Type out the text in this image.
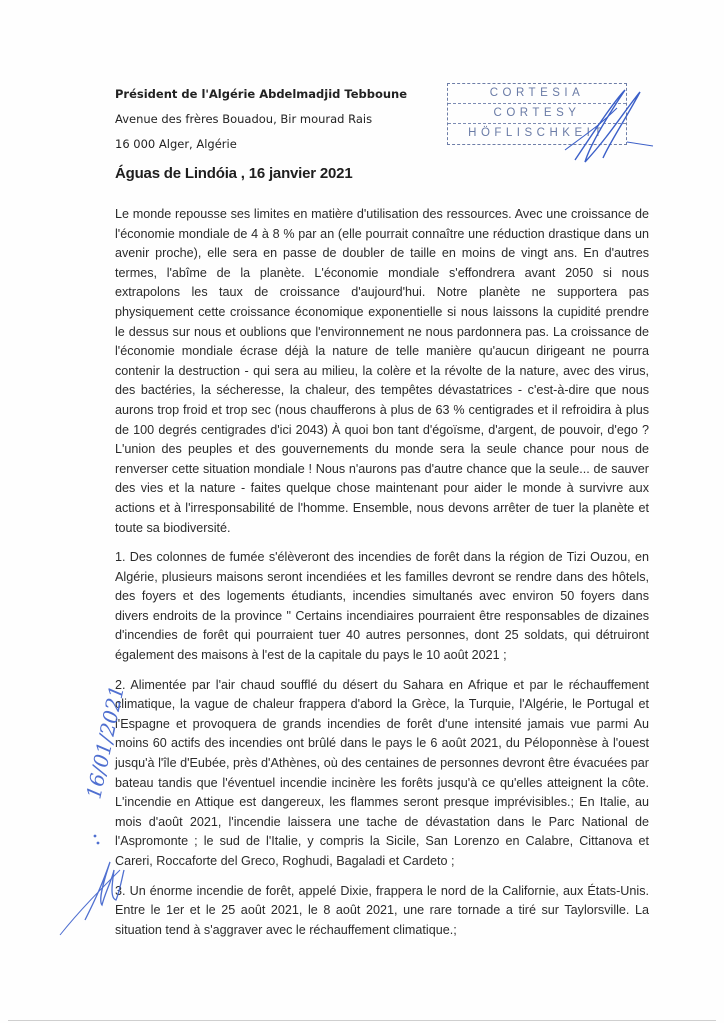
Président de l'Algérie Abdelmadjid Tebboune
Avenue des frères Bouadou, Bir mourad Rais
16 000 Alger, Algérie
Águas de Lindóia , 16 janvier 2021
CORTESIA
CORTESY
HÖFLISCHKEIT

Le monde repousse ses limites en matière d'utilisation des ressources. Avec une croissance de l'économie mondiale de 4 à 8 % par an (elle pourrait connaître une réduction drastique dans un avenir proche), elle sera en passe de doubler de taille en moins de vingt ans. En d'autres termes, l'abîme de la planète. L'économie mondiale s'effondrera avant 2050 si nous extrapolons les taux de croissance d'aujourd'hui. Notre planète ne supportera pas physiquement cette croissance économique exponentielle si nous laissons la cupidité prendre le dessus sur nous et oublions que l'environnement ne nous pardonnera pas. La croissance de l'économie mondiale écrase déjà la nature de telle manière qu'aucun dirigeant ne pourra contenir la destruction - qui sera au milieu, la colère et la révolte de la nature, avec des virus, des bactéries, la sécheresse, la chaleur, des tempêtes dévastatrices - c'est-à-dire que nous aurons trop froid et trop sec (nous chaufferons à plus de 63 % centigrades et il refroidira à plus de 100 degrés centigrades d'ici 2043) À quoi bon tant d'égoïsme, d'argent, de pouvoir, d'ego ? L'union des peuples et des gouvernements du monde sera la seule chance pour nous de renverser cette situation mondiale ! Nous n'aurons pas d'autre chance que la seule... de sauver des vies et la nature - faites quelque chose maintenant pour aider le monde à survivre aux actions et à l'irresponsabilité de l'homme. Ensemble, nous devons arrêter de tuer la planète et toute sa biodiversité.

1. Des colonnes de fumée s'élèveront des incendies de forêt dans la région de Tizi Ouzou, en Algérie, plusieurs maisons seront incendiées et les familles devront se rendre dans des hôtels, des foyers et des logements étudiants, incendies simultanés avec environ 50 foyers dans divers endroits de la province " Certains incendiaires pourraient être responsables de dizaines d'incendies de forêt qui pourraient tuer 40 autres personnes, dont 25 soldats, qui détruiront également des maisons à l'est de la capitale du pays le 10 août 2021 ;

2. Alimentée par l'air chaud soufflé du désert du Sahara en Afrique et par le réchauffement climatique, la vague de chaleur frappera d'abord la Grèce, la Turquie, l'Algérie, le Portugal et l'Espagne et provoquera de grands incendies de forêt d'une intensité jamais vue parmi Au moins 60 actifs des incendies ont brûlé dans le pays le 6 août 2021, du Péloponnèse à l'ouest jusqu'à l'île d'Eubée, près d'Athènes, où des centaines de personnes devront être évacuées par bateau tandis que l'éventuel incendie incinère les forêts jusqu'à ce qu'elles atteignent la côte. L'incendie en Attique est dangereux, les flammes seront presque imprévisibles.; En Italie, au mois d'août 2021, l'incendie laissera une tache de dévastation dans le Parc National de l'Aspromonte ; le sud de l'Italie, y compris la Sicile, San Lorenzo en Calabre, Cittanova et Careri, Roccaforte del Greco, Roghudi, Bagaladi et Cardeto ;

3. Un énorme incendie de forêt, appelé Dixie, frappera le nord de la Californie, aux États-Unis. Entre le 1er et le 25 août 2021, le 8 août 2021, une rare tornade a tiré sur Taylorsville. La situation tend à s'aggraver avec le réchauffement climatique.;

16/01/2021
